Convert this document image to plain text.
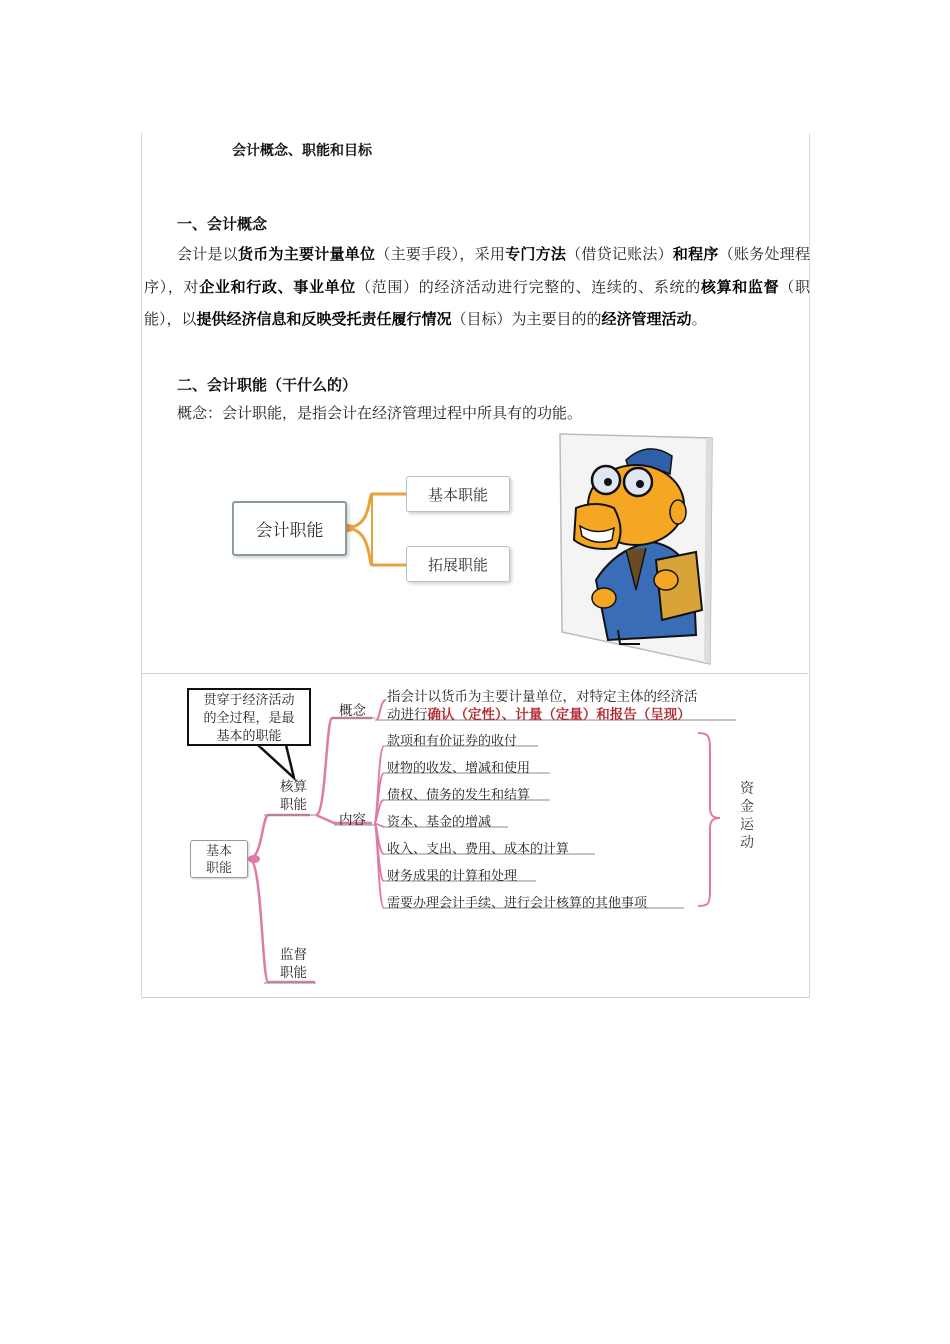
会计概念、职能和目标
一、会计概念

会计是以货币为主要计量单位（主要手段），采用专门方法（借贷记账法）和程序（账务处理程序），对企业和行政、事业单位（范围）的经济活动进行完整的、连续的、系统的核算和监督（职能），以提供经济信息和反映受托责任履行情况（目标）为主要目的的经济管理活动。

二、会计职能（干什么的）
概念：会计职能，是指会计在经济管理过程中所具有的功能。
会计职能
基本职能
拓展职能
贯穿于经济活动
的全过程，是最
基本的职能
基本
职能
核算
职能
监督
职能
概念
指会计以货币为主要计量单位，对特定主体的经济活
动进行确认（定性）、计量（定量）和报告（呈现）
内容
款项和有价证券的收付
财物的收发、增减和使用
债权、债务的发生和结算
资本、基金的增减
收入、支出、费用、成本的计算
财务成果的计算和处理
需要办理会计手续、进行会计核算的其他事项
资
金
运
动
